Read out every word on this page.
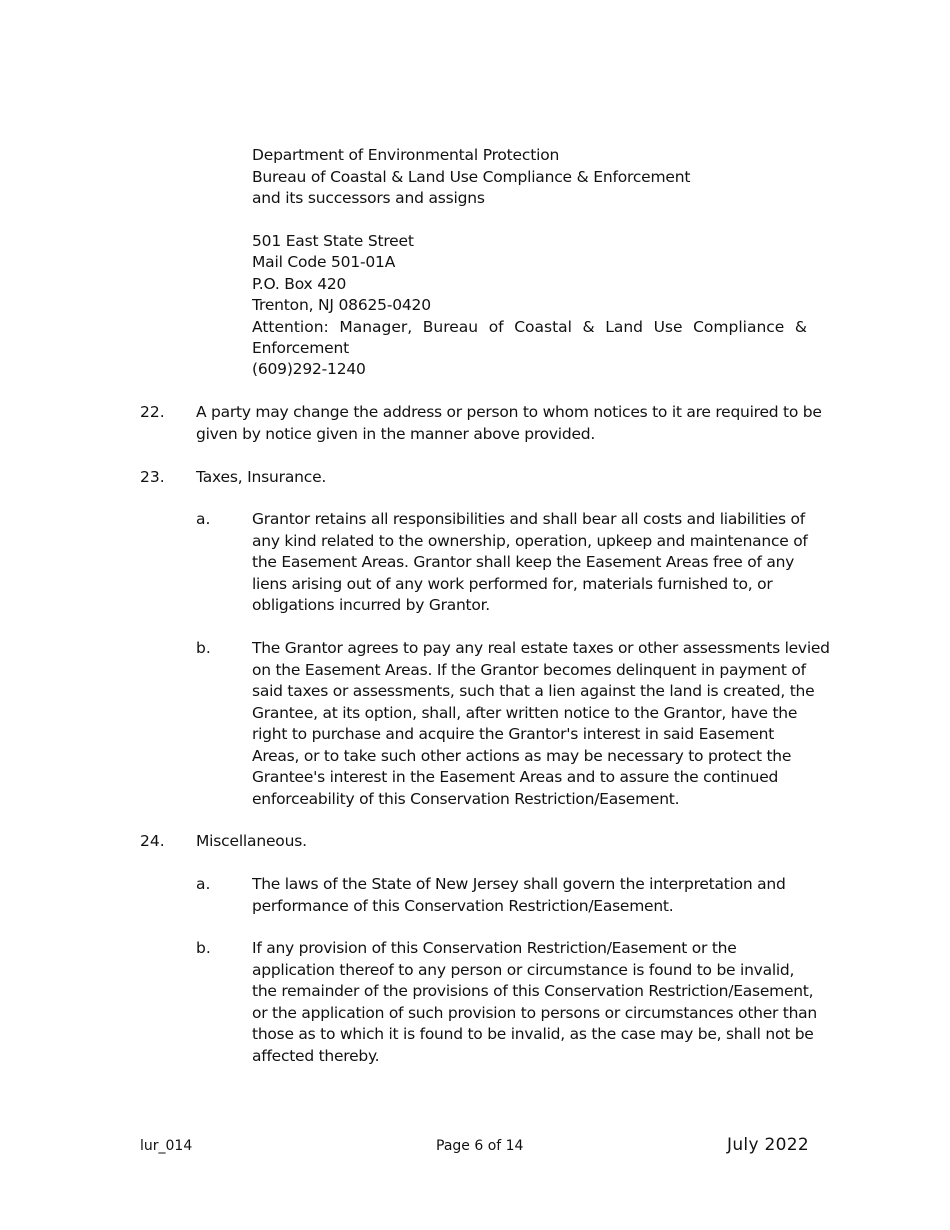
Department of Environmental Protection
Bureau of Coastal & Land Use Compliance & Enforcement
and its successors and assigns
501 East State Street
Mail Code 501-01A
P.O. Box 420
Trenton, NJ 08625-0420
Attention: Manager, Bureau of Coastal & Land Use Compliance &
Enforcement
(609)292-1240
22. A party may change the address or person to whom notices to it are required to be
given by notice given in the manner above provided.
23. Taxes, Insurance.
a.	Grantor retains all responsibilities and shall bear all costs and liabilities of
any kind related to the ownership, operation, upkeep and maintenance of
the Easement Areas. Grantor shall keep the Easement Areas free of any
liens arising out of any work performed for, materials furnished to, or
obligations incurred by Grantor.
b.	The Grantor agrees to pay any real estate taxes or other assessments levied
on the Easement Areas. If the Grantor becomes delinquent in payment of
said taxes or assessments, such that a lien against the land is created, the
Grantee, at its option, shall, after written notice to the Grantor, have the
right to purchase and acquire the Grantor's interest in said Easement
Areas, or to take such other actions as may be necessary to protect the
Grantee's interest in the Easement Areas and to assure the continued
enforceability of this Conservation Restriction/Easement.
24. Miscellaneous.
a.	The laws of the State of New Jersey shall govern the interpretation and
performance of this Conservation Restriction/Easement.
b.	If any provision of this Conservation Restriction/Easement or the
application thereof to any person or circumstance is found to be invalid,
the remainder of the provisions of this Conservation Restriction/Easement,
or the application of such provision to persons or circumstances other than
those as to which it is found to be invalid, as the case may be, shall not be
affected thereby.
lur_014	Page 6 of 14	July 2022
